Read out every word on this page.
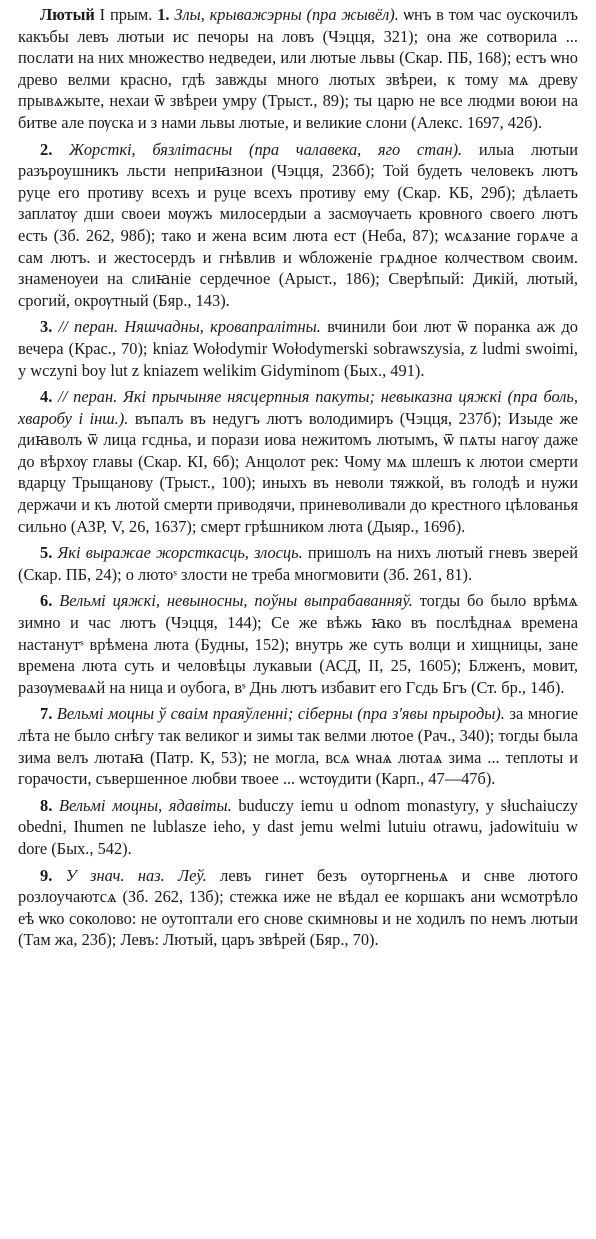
Лютый I прым. 1. Злы, крыважэрны (пра жывёл). ѡнъ в том час оускочилъ какъбы левъ лютыи ис печоры на ловъ (Чэцця, 321); она же сотворила ... послати на них множество недведеи, или лютые львы (Скар. ПБ, 168); естъ ѡно древо велми красно, гдѣ завжды много лютых звѣреи, к тому мѧ древу прывѧжыте, нехаи ѿ звѣреи умру (Трыст., 89); ты царю не все людми воюи на битве але пѹска и з нами львы лютые, и великие слони (Алекс. 1697, 42б).

2. Жорсткі, бязлітасны (пра чалавека, яго стан). илыа лютыи разъроушникъ льсти неприꙗзнои (Чэцця, 236б); Той будеть человекъ лютъ руце его противу всехъ и руце всехъ противу ему (Скар. КБ, 29б); дѣлаеть заплатѹ дши своеи мѹжъ милосердыи а засмѹчаеть кровного своего лютъ есть (Зб. 262, 98б); тако и жена всим люта ест (Неба, 87); ѡсѧзание горѧче а сам лютъ. и жестосердъ и гнѣвлив и ѡбложеніе грѧдное колчеством своим. знаменоуеи на слиꙗніе сердечное (Арыст., 186); Сверѣпый: Дикій, лютый, срогий, окрѹтный (Бяр., 143).

3. // перан. Няшчадны, кровапралітны. вчинили бои лют ѿ поранка аж до вечера (Крас., 70); kniaz Wołodymir Wołodymerski sobrawszysia, z ludmi swoimi, y wczyni boy lut z kniazem welikim Gidyminom (Бых., 491).

4. // перан. Які прычыняе нясцерпныя пакуты; невыказна цяжкі (пра боль, хваробу і інш.). въпалъ въ недугъ лютъ володимиръ (Чэцця, 237б); Изыде же диꙗволъ ѿ лица гсдньа, и порази иова нежитомъ лютымъ, ѿ пѧты нагѹ даже до вѣрхѹ главы (Скар. КІ, 6б); Анцолот рек: Чому мѧ шлешъ к лютои смерти вдарцу Трыщанову (Трыст., 100); иныхъ въ неволи тяжкой, въ голодѣ и нужи держачи и къ лютой смерти приводячи, приневоливали до крестного цѣлованья сильно (АЗР, V, 26, 1637); смерт грѣшником люта (Дыяр., 169б).

5. Які выражае жорсткасць, злосць. пришолъ на нихъ лютый гневъ зверей (Скар. ПБ, 24); о лютоˢ злости не треба многмовити (Зб. 261, 81).

6. Вельмі цяжкі, невыносны, поўны выпрабаванняў. тогды бо было врѣмѧ зимно и час лютъ (Чэцця, 144); Се же вѣжь ꙗко въ послѣднаѧ времена настанутˢ врѣмена люта (Будны, 152); внутрь же суть волци и хищницы, зане времена люта суть и человѣцы лукавыи (АСД, II, 25, 1605); Блженъ, мовит, разѹмеваѧй на ница и оубога, вˢ Днь лютъ избавит его Гсдь Бгъ (Ст. бр., 14б).

7. Вельмі моцны ў сваім праяўленні; сіберны (пра з'явы прыроды). за многие лѣта не было снѣгу так великог и зимы так велми лютое (Рач., 340); тогды была зима велъ лютаꙗ (Патр. К, 53); не могла, всѧ ѡнаѧ лютаѧ зима ... теплоты и горачости, съвершенное любви твоее ... ѡстѹдити (Карп., 47—47б).

8. Вельмі моцны, ядавіты. buduczy iemu u odnom monastyry, y słuchaiuczy obedni, Ihumen ne lublasze ieho, y dast jemu welmi lutuiu otrawu, jadowituiu w dore (Бых., 542).

9. У знач. наз. Леў. левъ гинет безъ оуторгненьѧ и снве лютого розлоучаютсѧ (Зб. 262, 13б); стежка иже не вѣдал ее коршакъ ани ѡсмотрѣло еѣ ѡко соколово: не оутоптали его снове скимновы и не ходилъ по немъ лютыи (Там жа, 23б); Левъ: Лютый, царъ звѣрей (Бяр., 70).
